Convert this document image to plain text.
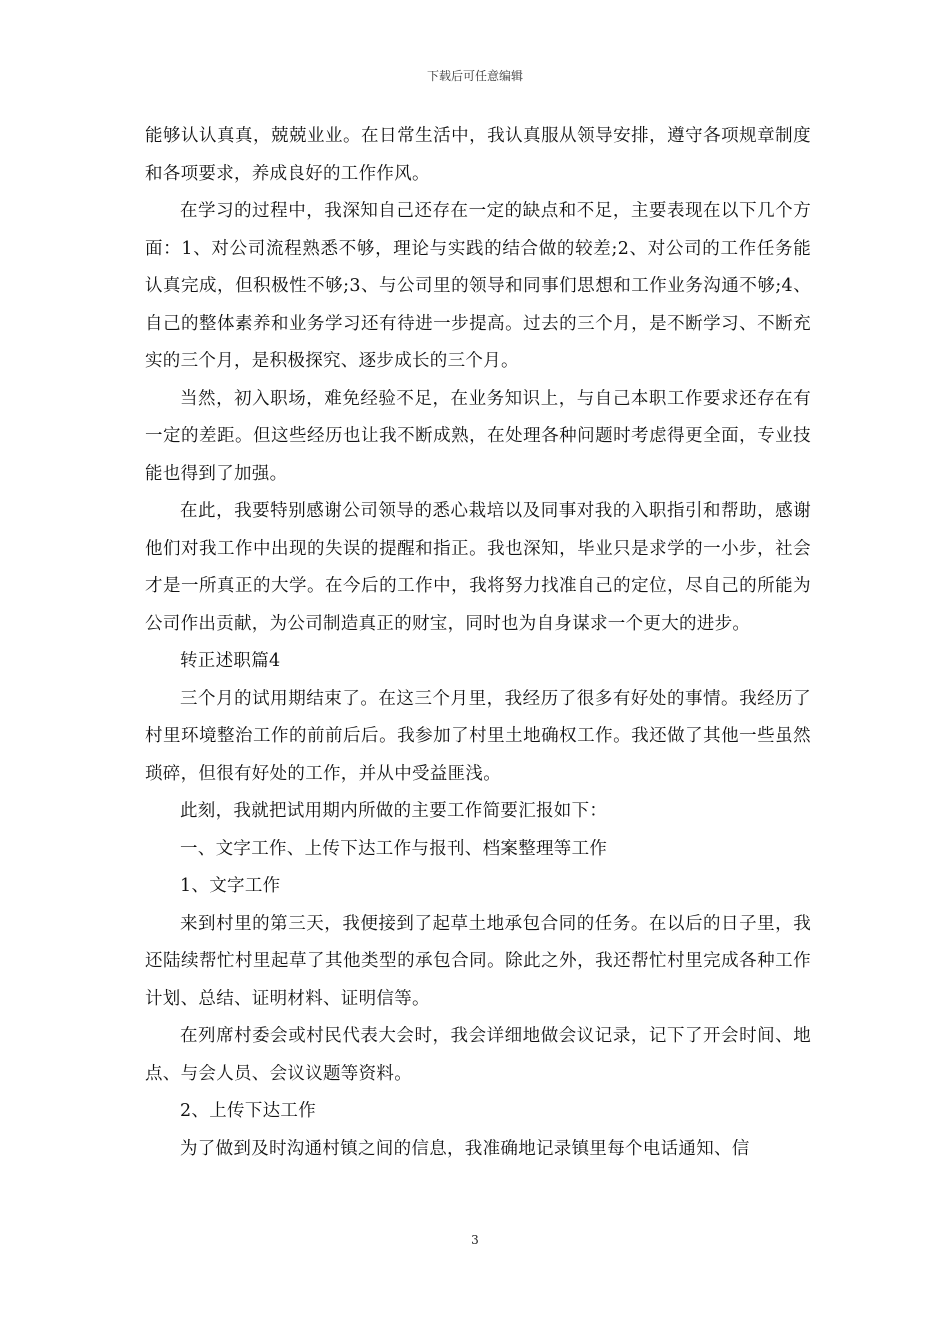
下载后可任意编辑

能够认认真真，兢兢业业。在日常生活中，我认真服从领导安排，遵守各项规章制度和各项要求，养成良好的工作作风。

在学习的过程中，我深知自己还存在一定的缺点和不足，主要表现在以下几个方面：1、对公司流程熟悉不够，理论与实践的结合做的较差;2、对公司的工作任务能认真完成，但积极性不够;3、与公司里的领导和同事们思想和工作业务沟通不够;4、自己的整体素养和业务学习还有待进一步提高。过去的三个月，是不断学习、不断充实的三个月，是积极探究、逐步成长的三个月。

当然，初入职场，难免经验不足，在业务知识上，与自己本职工作要求还存在有一定的差距。但这些经历也让我不断成熟，在处理各种问题时考虑得更全面，专业技能也得到了加强。

在此，我要特别感谢公司领导的悉心栽培以及同事对我的入职指引和帮助，感谢他们对我工作中出现的失误的提醒和指正。我也深知，毕业只是求学的一小步，社会才是一所真正的大学。在今后的工作中，我将努力找准自己的定位，尽自己的所能为公司作出贡献，为公司制造真正的财宝，同时也为自身谋求一个更大的进步。

转正述职篇4

三个月的试用期结束了。在这三个月里，我经历了很多有好处的事情。我经历了村里环境整治工作的前前后后。我参加了村里土地确权工作。我还做了其他一些虽然琐碎，但很有好处的工作，并从中受益匪浅。

此刻，我就把试用期内所做的主要工作简要汇报如下：

一、文字工作、上传下达工作与报刊、档案整理等工作

1、文字工作

来到村里的第三天，我便接到了起草土地承包合同的任务。在以后的日子里，我还陆续帮忙村里起草了其他类型的承包合同。除此之外，我还帮忙村里完成各种工作计划、总结、证明材料、证明信等。

在列席村委会或村民代表大会时，我会详细地做会议记录，记下了开会时间、地点、与会人员、会议议题等资料。

2、上传下达工作

为了做到及时沟通村镇之间的信息，我准确地记录镇里每个电话通知、信

3
